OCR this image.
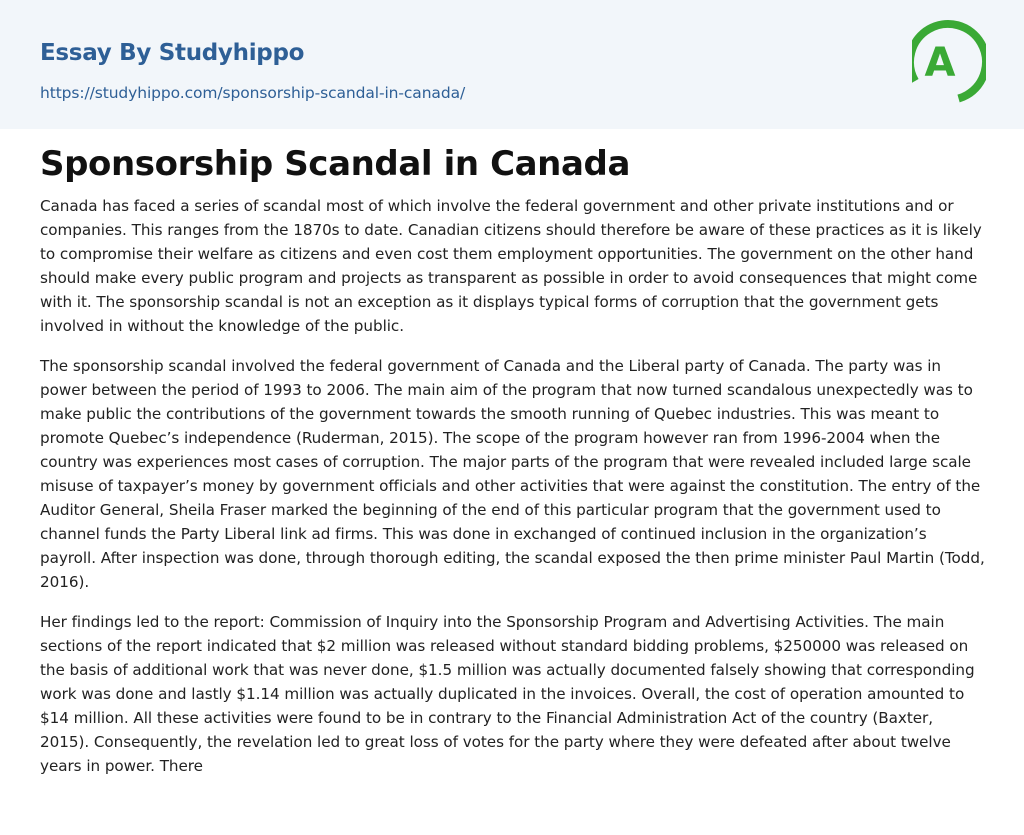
Essay By Studyhippo
https://studyhippo.com/sponsorship-scandal-in-canada/
A
Sponsorship Scandal in Canada

Canada has faced a series of scandal most of which involve the federal government and other private institutions and or companies. This ranges from the 1870s to date. Canadian citizens should therefore be aware of these practices as it is likely to compromise their welfare as citizens and even cost them employment opportunities. The government on the other hand should make every public program and projects as transparent as possible in order to avoid consequences that might come with it. The sponsorship scandal is not an exception as it displays typical forms of corruption that the government gets involved in without the knowledge of the public.

The sponsorship scandal involved the federal government of Canada and the Liberal party of Canada. The party was in power between the period of 1993 to 2006. The main aim of the program that now turned scandalous unexpectedly was to make public the contributions of the government towards the smooth running of Quebec industries. This was meant to promote Quebec’s independence (Ruderman, 2015). The scope of the program however ran from 1996-2004 when the country was experiences most cases of corruption. The major parts of the program that were revealed included large scale misuse of taxpayer’s money by government officials and other activities that were against the constitution. The entry of the Auditor General, Sheila Fraser marked the beginning of the end of this particular program that the government used to channel funds the Party Liberal link ad firms. This was done in exchanged of continued inclusion in the organization’s payroll. After inspection was done, through thorough editing, the scandal exposed the then prime minister Paul Martin (Todd, 2016).

Her findings led to the report: Commission of Inquiry into the Sponsorship Program and Advertising Activities. The main sections of the report indicated that $2 million was released without standard bidding problems, $250000 was released on the basis of additional work that was never done, $1.5 million was actually documented falsely showing that corresponding work was done and lastly $1.14 million was actually duplicated in the invoices. Overall, the cost of operation amounted to $14 million. All these activities were found to be in contrary to the Financial Administration Act of the country (Baxter, 2015). Consequently, the revelation led to great loss of votes for the party where they were defeated after about twelve years in power. There
